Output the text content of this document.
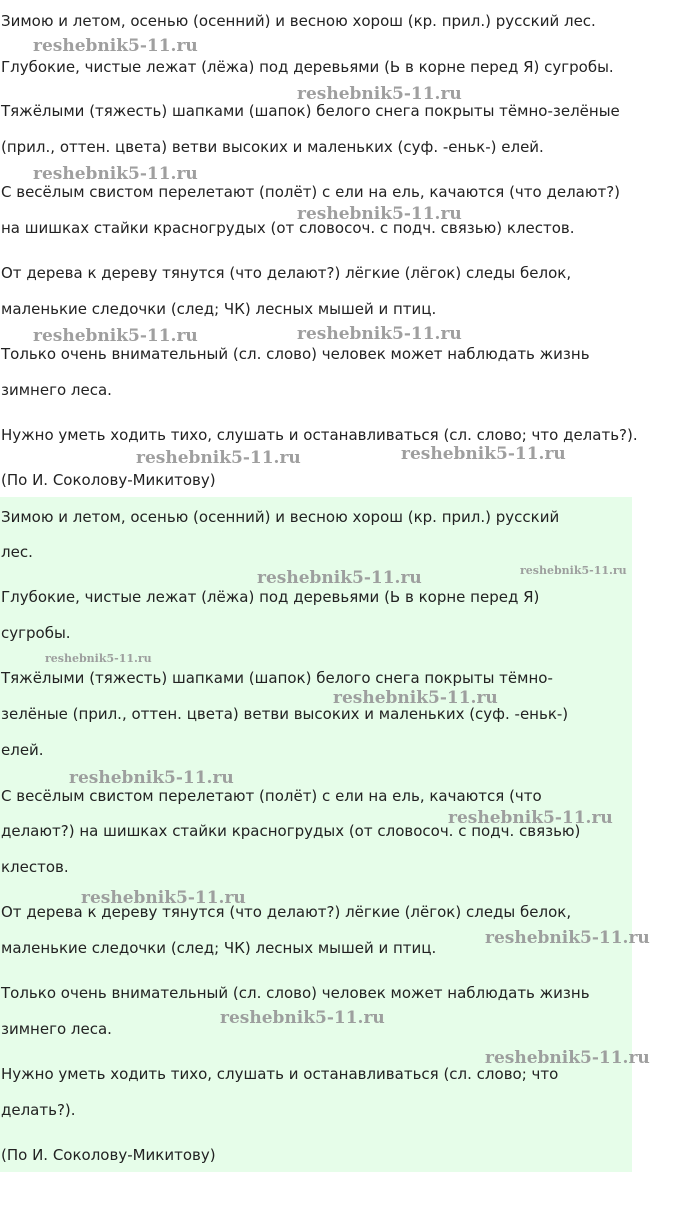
Зимою и летом, осенью (осенний) и весною хорош (кр. прил.) русский лес.
Глубокие, чистые лежат (лёжа) под деревьями (Ь в корне перед Я) сугробы.
Тяжёлыми (тяжесть) шапками (шапок) белого снега покрыты тёмно-зелёные
(прил., оттен. цвета) ветви высоких и маленьких (суф. -еньк-) елей.
С весёлым свистом перелетают (полёт) с ели на ель, качаются (что делают?)
на шишках стайки красногрудых (от словосоч. с подч. связью) клестов.
От дерева к дереву тянутся (что делают?) лёгкие (лёгок) следы белок,
маленькие следочки (след; ЧК) лесных мышей и птиц.
Только очень внимательный (сл. слово) человек может наблюдать жизнь
зимнего леса.
Нужно уметь ходить тихо, слушать и останавливаться (сл. слово; что делать?).
(По И. Соколову-Микитову)
Зимою и летом, осенью (осенний) и весною хорош (кр. прил.) русский
лес.
Глубокие, чистые лежат (лёжа) под деревьями (Ь в корне перед Я)
сугробы.
Тяжёлыми (тяжесть) шапками (шапок) белого снега покрыты тёмно-
зелёные (прил., оттен. цвета) ветви высоких и маленьких (суф. -еньк-)
елей.
С весёлым свистом перелетают (полёт) с ели на ель, качаются (что
делают?) на шишках стайки красногрудых (от словосоч. с подч. связью)
клестов.
От дерева к дереву тянутся (что делают?) лёгкие (лёгок) следы белок,
маленькие следочки (след; ЧК) лесных мышей и птиц.
Только очень внимательный (сл. слово) человек может наблюдать жизнь
зимнего леса.
Нужно уметь ходить тихо, слушать и останавливаться (сл. слово; что
делать?).
(По И. Соколову-Микитову)
reshebnik5-11.ru
reshebnik5-11.ru
reshebnik5-11.ru
reshebnik5-11.ru
reshebnik5-11.ru	reshebnik5-11.ru
reshebnik5-11.ru	reshebnik5-11.ru
reshebnik5-11.ru	reshebnik5-11.ru
reshebnik5-11.ru
reshebnik5-11.ru
reshebnik5-11.ru
reshebnik5-11.ru
reshebnik5-11.ru
reshebnik5-11.ru
reshebnik5-11.ru
reshebnik5-11.ru
